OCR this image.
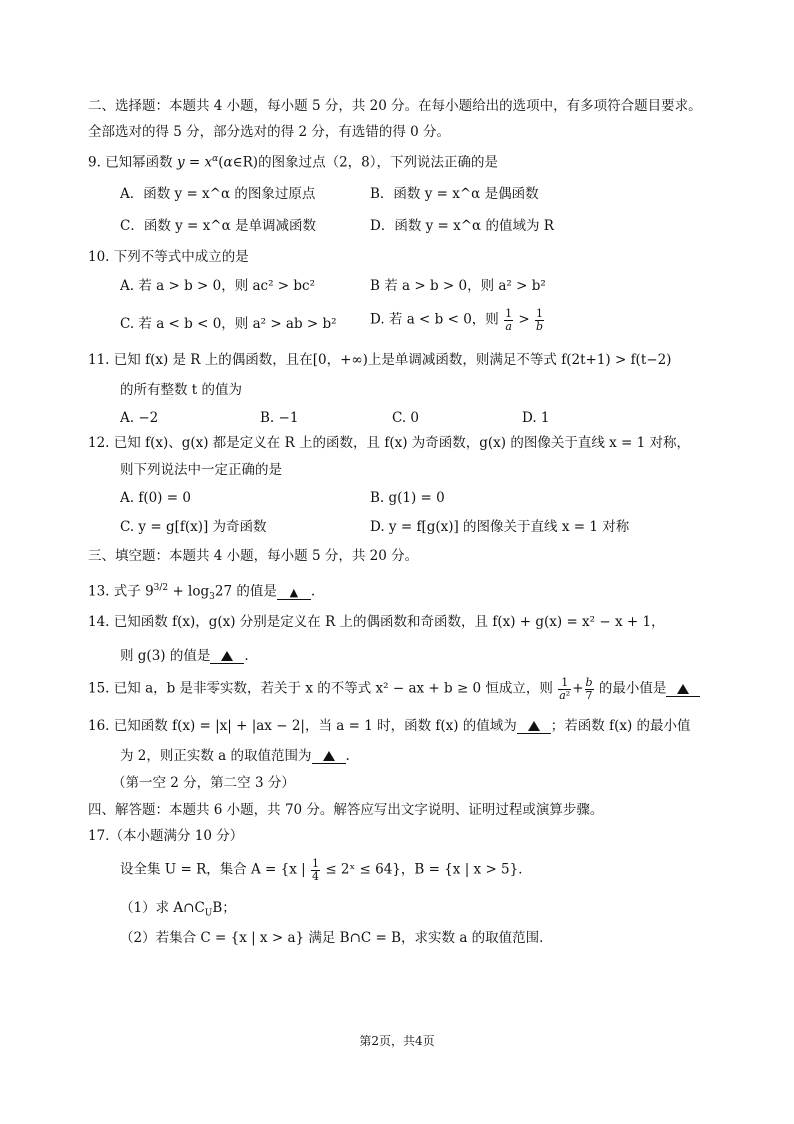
二、选择题：本题共 4 小题，每小题 5 分，共 20 分。在每小题给出的选项中，有多项符合题目要求。
全部选对的得 5 分，部分选对的得 2 分，有选错的得 0 分。
9. 已知幂函数 $y = x^\alpha(\alpha\in R)$的图象过点（2，8），下列说法正确的是
A．函数 y = x^α 的图象过原点	B．函数 y = x^α 是偶函数
C．函数 y = x^α 是单调减函数	D．函数 y = x^α 的值域为 R
10. 下列不等式中成立的是
A. 若 a > b > 0，则 ac² > bc²	B 若 a > b > 0，则 a² > b²
C. 若 a < b < 0，则 a² > ab > b² D. 若 a < b < 0，则 $\frac{1}{a} > \frac{1}{b}$
11. 已知 f(x) 是 R 上的偶函数，且在[0，+∞)上是单调减函数，则满足不等式 f(2t+1) > f(t−2)
的所有整数 t 的值为
A. −2	B. −1	C. 0	D. 1
12. 已知 f(x)、g(x) 都是定义在 R 上的函数，且 f(x) 为奇函数，g(x) 的图像关于直线 x = 1 对称，
则下列说法中一定正确的是
A. f(0) = 0	B. g(1) = 0
C. y = g[f(x)] 为奇函数	D. y = f[g(x)] 的图像关于直线 x = 1 对称
三、填空题：本题共 4 小题，每小题 5 分，共 20 分。
13. 式子 $9^{3/2} + \log_327$ 的值是 ▲ .
14. 已知函数 f(x)，g(x) 分别是定义在 R 上的偶函数和奇函数，且 f(x) + g(x) = x² − x + 1，
则 g(3) 的值是	.
15. 已知 a，b 是非零实数，若关于 x 的不等式 x² − ax + b ≥ 0 恒成立，则 $\frac{1}{\text{a²}} + \frac{b}{7}$ 的最小值是
16. 已知函数 f(x) = |x| + |ax − 2|，当 a = 1 时，函数 f(x) 的值域为	；若函数 f(x) 的最小值
为 2，则正实数 a 的取值范围为	.
（第一空 2 分，第二空 3 分）
四、解答题：本题共 6 小题，共 70 分。解答应写出文字说明、证明过程或演算步骤。
17.（本小题满分 10 分）
设全集 U = R，集合 A = {x | $\frac{1}{4}$ ≤ 2ˣ ≤ 64}，B = {x | x > 5}．
（1）求 $A\cap C_UB$；
（2）若集合 C = {x | x > a} 满足 B∩C = B，求实数 a 的取值范围．
第2页，共4页
